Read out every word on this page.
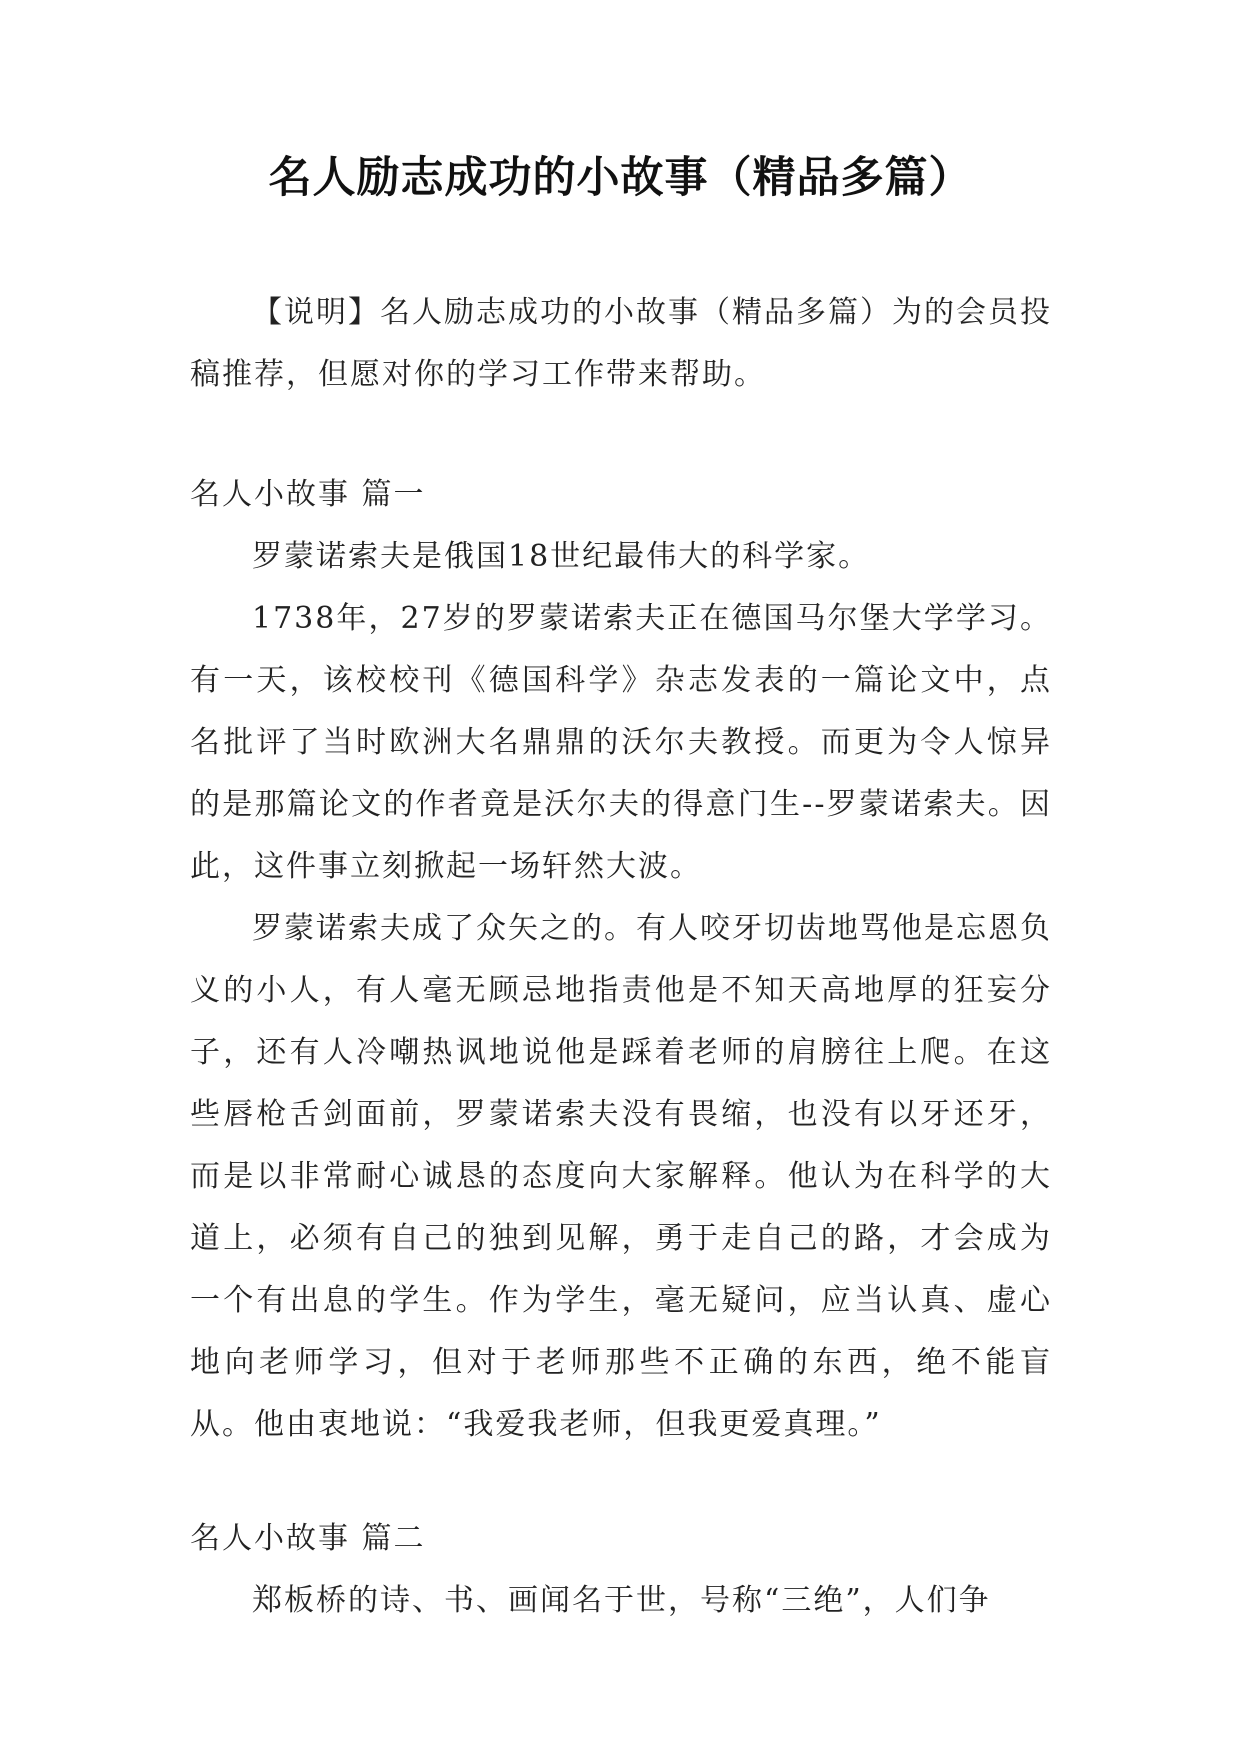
名人励志成功的小故事（精品多篇）

【说明】名人励志成功的小故事（精品多篇）为的会员投稿推荐，但愿对你的学习工作带来帮助。

名人小故事 篇一

罗蒙诺索夫是俄国18世纪最伟大的科学家。

1738年，27岁的罗蒙诺索夫正在德国马尔堡大学学习。有一天，该校校刊《德国科学》杂志发表的一篇论文中，点名批评了当时欧洲大名鼎鼎的沃尔夫教授。而更为令人惊异的是那篇论文的作者竟是沃尔夫的得意门生--罗蒙诺索夫。因此，这件事立刻掀起一场轩然大波。

罗蒙诺索夫成了众矢之的。有人咬牙切齿地骂他是忘恩负义的小人，有人毫无顾忌地指责他是不知天高地厚的狂妄分子，还有人冷嘲热讽地说他是踩着老师的肩膀往上爬。在这些唇枪舌剑面前，罗蒙诺索夫没有畏缩，也没有以牙还牙，而是以非常耐心诚恳的态度向大家解释。他认为在科学的大道上，必须有自己的独到见解，勇于走自己的路，才会成为一个有出息的学生。作为学生，毫无疑问，应当认真、虚心地向老师学习，但对于老师那些不正确的东西，绝不能盲从。他由衷地说：“我爱我老师，但我更爱真理。”

名人小故事 篇二

郑板桥的诗、书、画闻名于世，号称“三绝”，人们争
